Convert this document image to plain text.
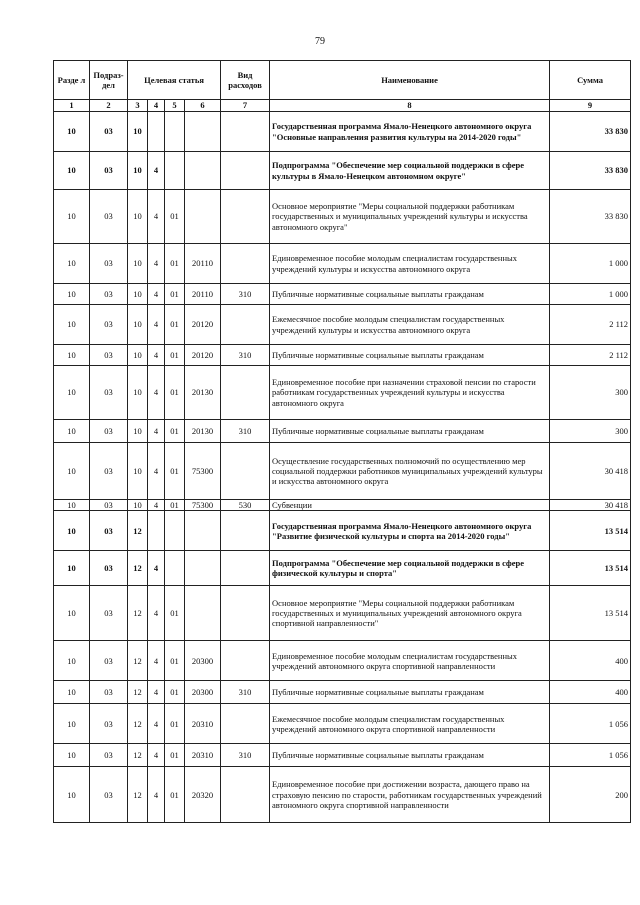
79
Разде л	Подраз- дел	Целевая статья				Вид расходов	Наименование	Сумма
1	2	3	4	5	6	7	8	9
10	03	10					Государственная программа Ямало-Ненецкого автономного округа "Основные направления развития культуры на 2014-2020 годы"	33 830
10	03	10	4				Подпрограмма "Обеспечение мер социальной поддержки в сфере культуры в Ямало-Ненецком автономном округе"	33 830
10	03	10	4	01			Основное мероприятие "Меры социальной поддержки работникам государственных и муниципальных учреждений культуры и искусства автономного округа"	33 830
10	03	10	4	01	20110		Единовременное пособие молодым специалистам государственных учреждений культуры и искусства автономного округа	1 000
10	03	10	4	01	20110	310	Публичные нормативные социальные выплаты гражданам	1 000
10	03	10	4	01	20120		Ежемесячное пособие молодым специалистам государственных учреждений культуры и искусства автономного округа	2 112
10	03	10	4	01	20120	310	Публичные нормативные социальные выплаты гражданам	2 112
10	03	10	4	01	20130		Единовременное пособие при назначении страховой пенсии по старости работникам государственных учреждений культуры и искусства автономного округа	300
10	03	10	4	01	20130	310	Публичные нормативные социальные выплаты гражданам	300
10	03	10	4	01	75300		Осуществление государственных полномочий по осуществлению мер социальной поддержки работников муниципальных учреждений культуры и искусства автономного округа	30 418
10	03	10	4	01	75300	530	Субвенции	30 418
10	03	12					Государственная программа Ямало-Ненецкого автономного округа "Развитие физической культуры и спорта на 2014-2020 годы"	13 514
10	03	12	4				Подпрограмма "Обеспечение мер социальной поддержки в сфере физической культуры и спорта"	13 514
10	03	12	4	01			Основное мероприятие "Меры социальной поддержки работникам государственных и муниципальных учреждений автономного округа спортивной направленности"	13 514
10	03	12	4	01	20300		Единовременное пособие молодым специалистам государственных учреждений автономного округа спортивной направленности	400
10	03	12	4	01	20300	310	Публичные нормативные социальные выплаты гражданам	400
10	03	12	4	01	20310		Ежемесячное пособие молодым специалистам государственных учреждений автономного округа спортивной направленности	1 056
10	03	12	4	01	20310	310	Публичные нормативные социальные выплаты гражданам	1 056
10	03	12	4	01	20320		Единовременное пособие при достижении возраста, дающего право на страховую пенсию по старости, работникам государственных учреждений автономного округа спортивной направленности	200
